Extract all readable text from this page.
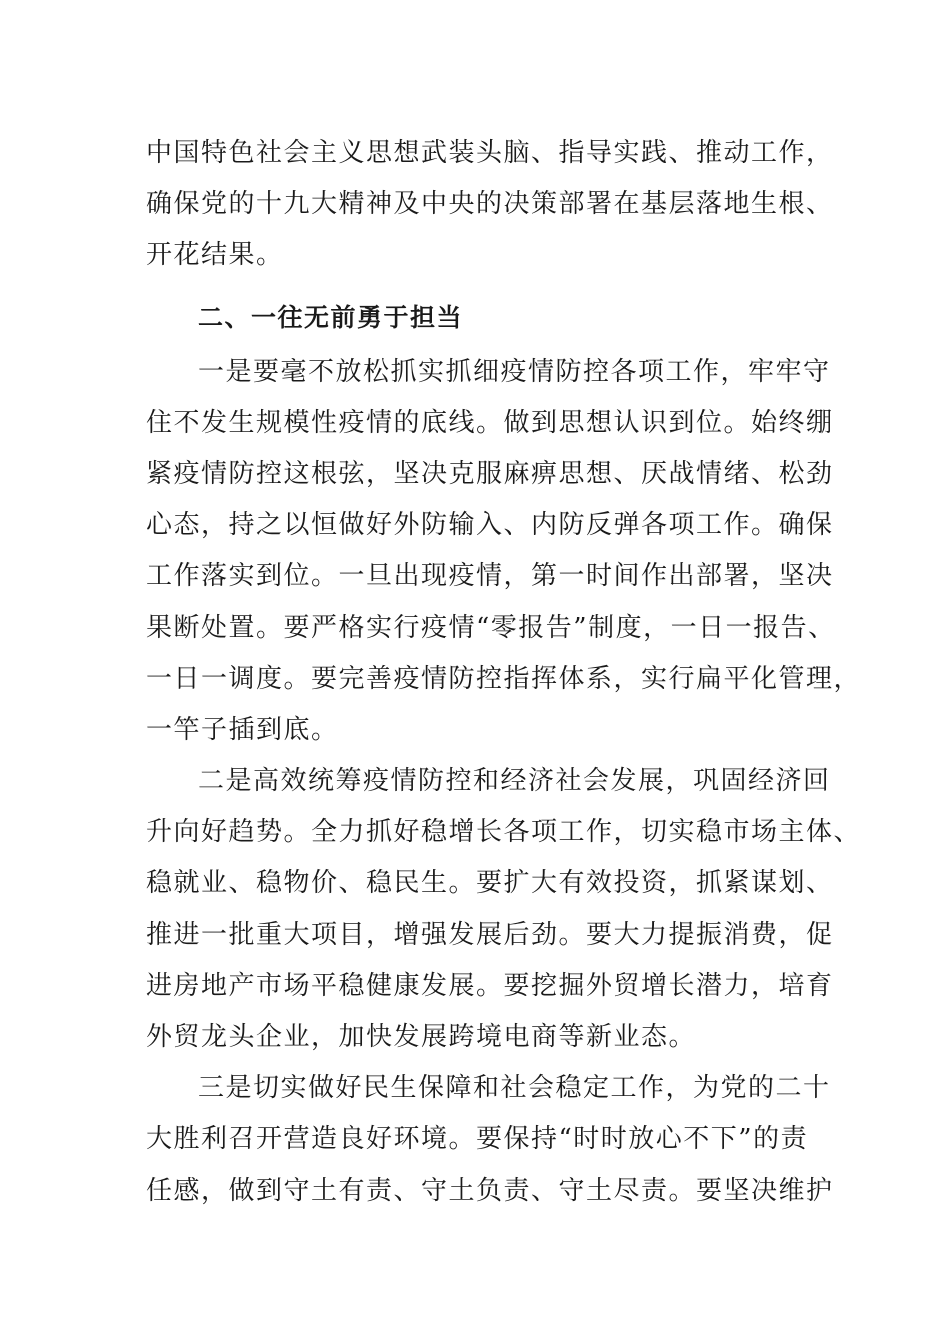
中国特色社会主义思想武装头脑、指导实践、推动工作，
确保党的十九大精神及中央的决策部署在基层落地生根、
开花结果。
二、一往无前勇于担当
一是要毫不放松抓实抓细疫情防控各项工作，牢牢守
住不发生规模性疫情的底线。做到思想认识到位。始终绷
紧疫情防控这根弦，坚决克服麻痹思想、厌战情绪、松劲
心态，持之以恒做好外防输入、内防反弹各项工作。确保
工作落实到位。一旦出现疫情，第一时间作出部署，坚决
果断处置。要严格实行疫情“零报告”制度，一日一报告、
一日一调度。要完善疫情防控指挥体系，实行扁平化管理，
一竿子插到底。
二是高效统筹疫情防控和经济社会发展，巩固经济回
升向好趋势。全力抓好稳增长各项工作，切实稳市场主体、
稳就业、稳物价、稳民生。要扩大有效投资，抓紧谋划、
推进一批重大项目，增强发展后劲。要大力提振消费，促
进房地产市场平稳健康发展。要挖掘外贸增长潜力，培育
外贸龙头企业，加快发展跨境电商等新业态。
三是切实做好民生保障和社会稳定工作，为党的二十
大胜利召开营造良好环境。要保持“时时放心不下”的责
任感，做到守土有责、守土负责、守土尽责。要坚决维护
